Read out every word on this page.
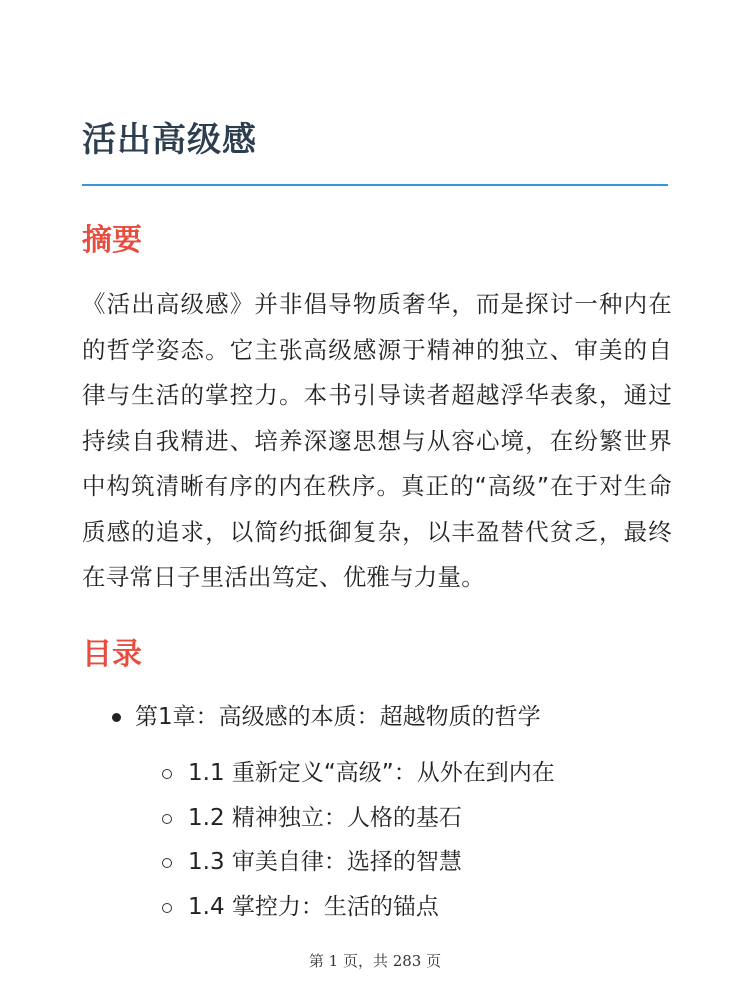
活出高级感
摘要

《活出高级感》并非倡导物质奢华，而是探讨一种内在的哲学姿态。它主张高级感源于精神的独立、审美的自律与生活的掌控力。本书引导读者超越浮华表象，通过持续自我精进、培养深邃思想与从容心境，在纷繁世界中构筑清晰有序的内在秩序。真正的“高级”在于对生命质感的追求，以简约抵御复杂，以丰盈替代贫乏，最终在寻常日子里活出笃定、优雅与力量。

目录
第1章：高级感的本质：超越物质的哲学
1.1 重新定义“高级”：从外在到内在
1.2 精神独立：人格的基石
1.3 审美自律：选择的智慧
1.4 掌控力：生活的锚点
第 1 页，共 283 页
